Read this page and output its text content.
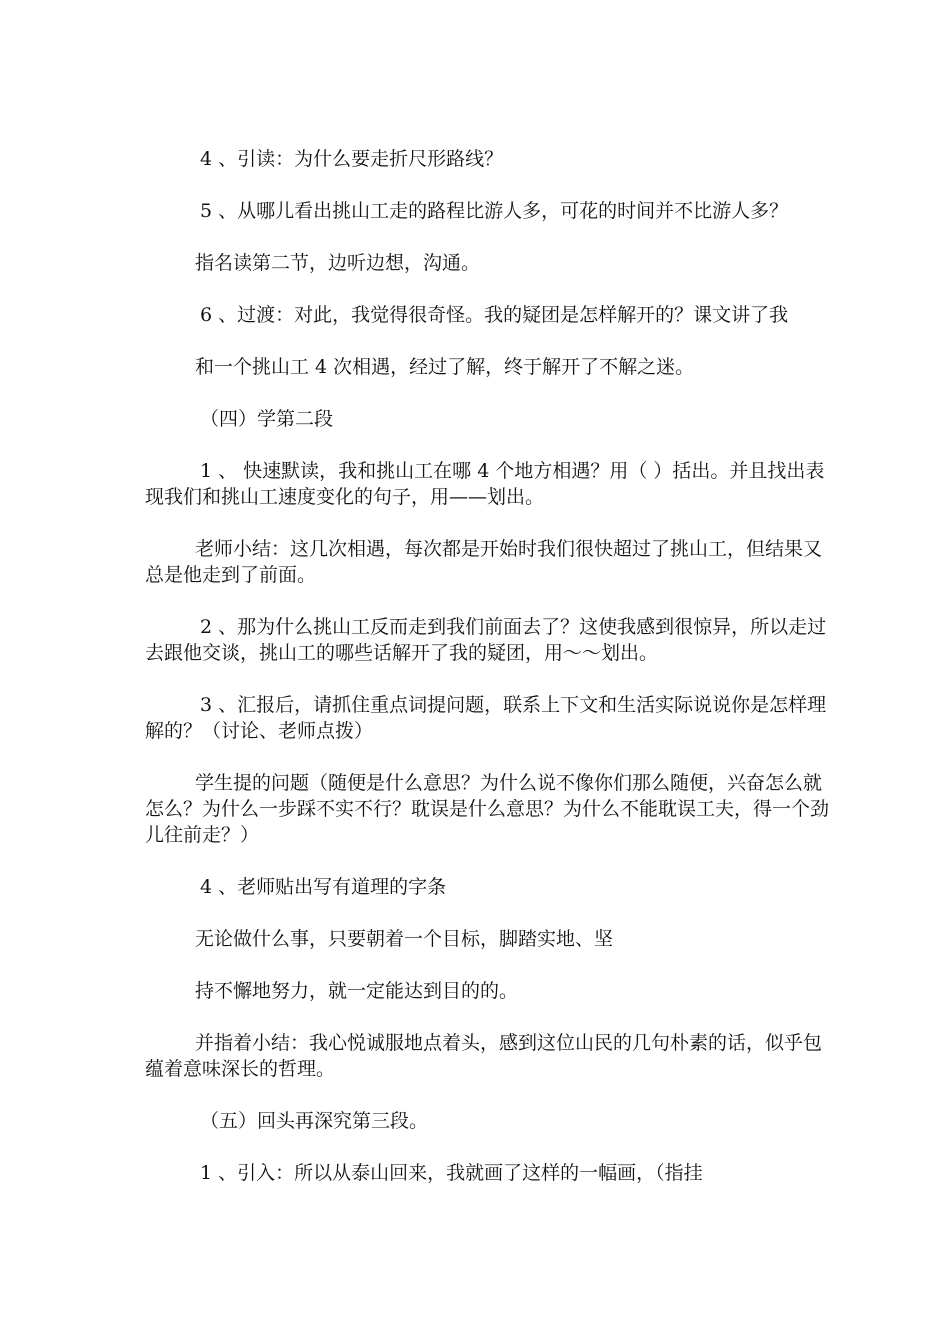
4 、引读：为什么要走折尺形路线？

5 、从哪儿看出挑山工走的路程比游人多，可花的时间并不比游人多？

指名读第二节，边听边想，沟通。

6 、过渡：对此，我觉得很奇怪。我的疑团是怎样解开的？课文讲了我

和一个挑山工 4 次相遇，经过了解，终于解开了不解之迷。

（四）学第二段

1 、 快速默读，我和挑山工在哪 4 个地方相遇？用（ ）括出。并且找出表现我们和挑山工速度变化的句子，用——划出。

老师小结：这几次相遇，每次都是开始时我们很快超过了挑山工，但结果又总是他走到了前面。

2 、那为什么挑山工反而走到我们前面去了？这使我感到很惊异，所以走过去跟他交谈，挑山工的哪些话解开了我的疑团，用～～划出。

3 、汇报后，请抓住重点词提问题，联系上下文和生活实际说说你是怎样理解的？（讨论、老师点拨）

学生提的问题（随便是什么意思？为什么说不像你们那么随便，兴奋怎么就怎么？为什么一步踩不实不行？耽误是什么意思？为什么不能耽误工夫，得一个劲儿往前走？）

4 、老师贴出写有道理的字条

无论做什么事，只要朝着一个目标，脚踏实地、坚

持不懈地努力，就一定能达到目的的。

并指着小结：我心悦诚服地点着头，感到这位山民的几句朴素的话，似乎包蕴着意味深长的哲理。

（五）回头再深究第三段。

1 、引入：所以从泰山回来，我就画了这样的一幅画，（指挂
